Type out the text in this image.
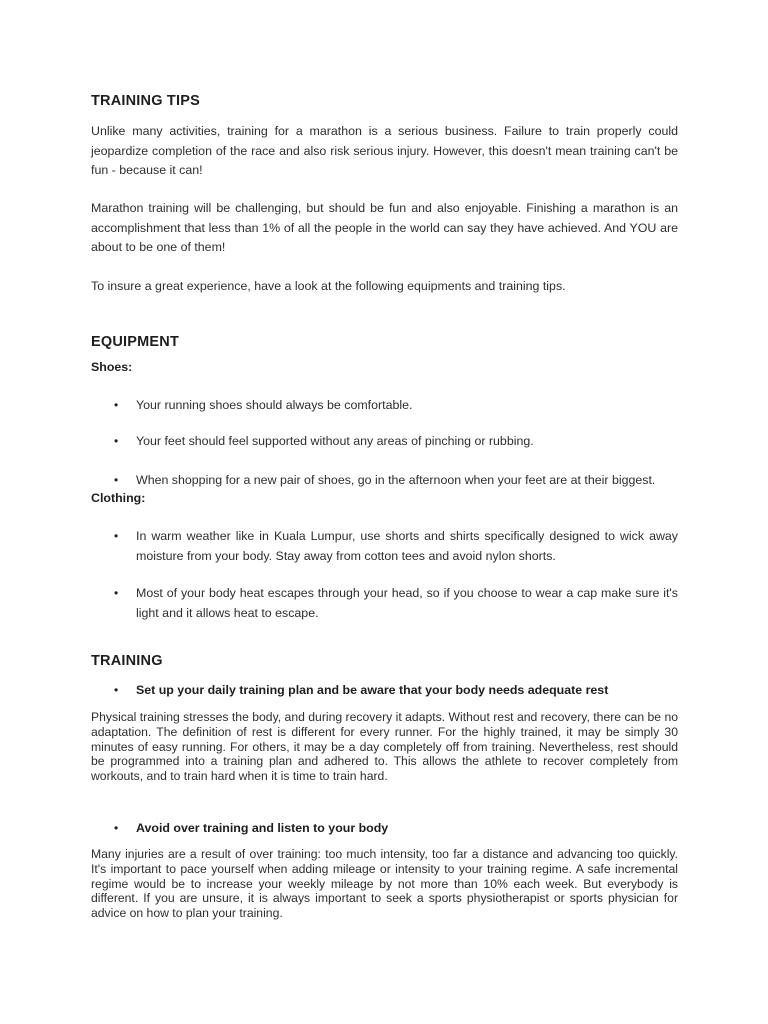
TRAINING TIPS

Unlike many activities, training for a marathon is a serious business. Failure to train properly could jeopardize completion of the race and also risk serious injury. However, this doesn't mean training can't be fun - because it can!

Marathon training will be challenging, but should be fun and also enjoyable. Finishing a marathon is an accomplishment that less than 1% of all the people in the world can say they have achieved. And YOU are about to be one of them!

To insure a great experience, have a look at the following equipments and training tips.

EQUIPMENT

Shoes:

• Your running shoes should always be comfortable.
• Your feet should feel supported without any areas of pinching or rubbing.
• When shopping for a new pair of shoes, go in the afternoon when your feet are at their biggest.

Clothing:

• In warm weather like in Kuala Lumpur, use shorts and shirts specifically designed to wick away moisture from your body. Stay away from cotton tees and avoid nylon shorts.
• Most of your body heat escapes through your head, so if you choose to wear a cap make sure it's light and it allows heat to escape.
TRAINING
• Set up your daily training plan and be aware that your body needs adequate rest

Physical training stresses the body, and during recovery it adapts. Without rest and recovery, there can be no adaptation. The definition of rest is different for every runner. For the highly trained, it may be simply 30 minutes of easy running. For others, it may be a day completely off from training. Nevertheless, rest should be programmed into a training plan and adhered to. This allows the athlete to recover completely from workouts, and to train hard when it is time to train hard.

• Avoid over training and listen to your body

Many injuries are a result of over training: too much intensity, too far a distance and advancing too quickly. It's important to pace yourself when adding mileage or intensity to your training regime. A safe incremental regime would be to increase your weekly mileage by not more than 10% each week. But everybody is different. If you are unsure, it is always important to seek a sports physiotherapist or sports physician for advice on how to plan your training.
